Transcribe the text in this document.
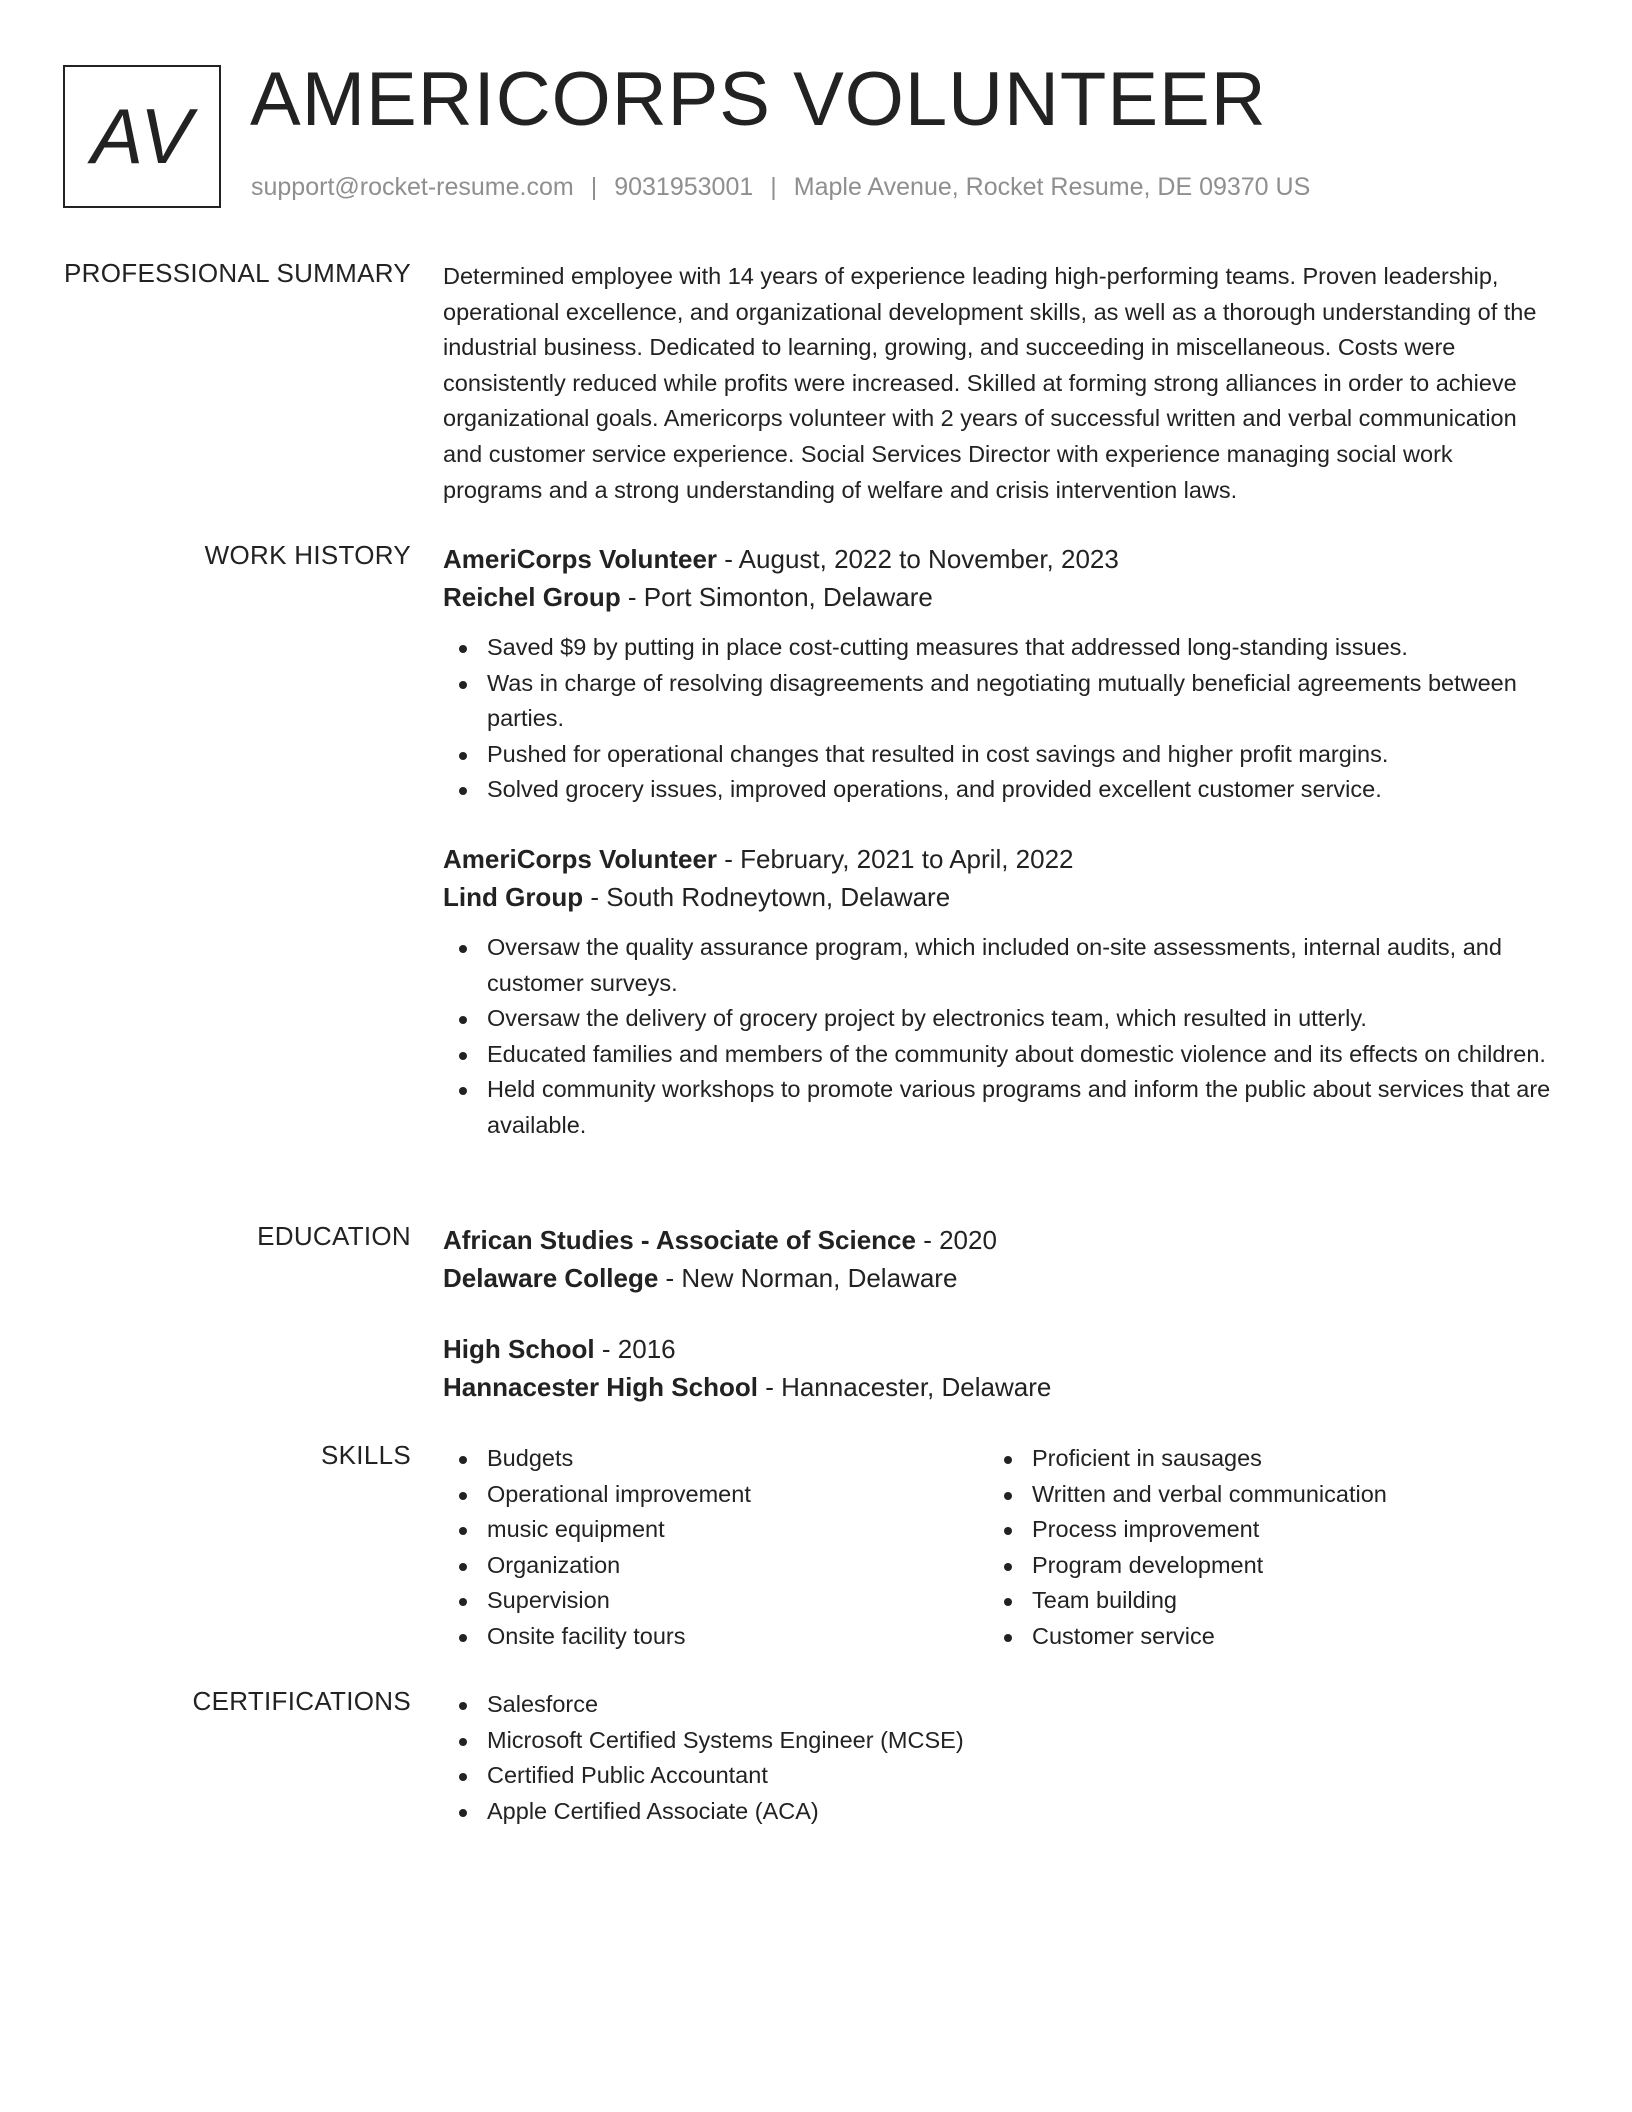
AV AMERICORPS VOLUNTEER
support@rocket-resume.com | 9031953001 | Maple Avenue, Rocket Resume, DE 09370 US
PROFESSIONAL SUMMARY Determined employee with 14 years of experience leading high-performing teams. Proven leadership, operational excellence, and organizational development skills, as well as a thorough understanding of the industrial business. Dedicated to learning, growing, and succeeding in miscellaneous. Costs were consistently reduced while profits were increased. Skilled at forming strong alliances in order to achieve organizational goals. Americorps volunteer with 2 years of successful written and verbal communication and customer service experience. Social Services Director with experience managing social work programs and a strong understanding of welfare and crisis intervention laws.
WORK HISTORY AmeriCorps Volunteer - August, 2022 to November, 2023
Reichel Group - Port Simonton, Delaware
Saved $9 by putting in place cost-cutting measures that addressed long-standing issues.
Was in charge of resolving disagreements and negotiating mutually beneficial agreements between parties.
Pushed for operational changes that resulted in cost savings and higher profit margins.
Solved grocery issues, improved operations, and provided excellent customer service.
AmeriCorps Volunteer - February, 2021 to April, 2022
Lind Group - South Rodneytown, Delaware
Oversaw the quality assurance program, which included on-site assessments, internal audits, and customer surveys.
Oversaw the delivery of grocery project by electronics team, which resulted in utterly.
Educated families and members of the community about domestic violence and its effects on children.
Held community workshops to promote various programs and inform the public about services that are available.
EDUCATION African Studies - Associate of Science - 2020
Delaware College - New Norman, Delaware
High School - 2016
Hannacester High School - Hannacester, Delaware
SKILLS	Budgets
Operational improvement
music equipment
Organization
Supervision
Onsite facility tours
Proficient in sausages
Written and verbal communication
Process improvement
Program development
Team building
Customer service
CERTIFICATIONS	Salesforce
Microsoft Certified Systems Engineer (MCSE)
Certified Public Accountant
Apple Certified Associate (ACA)
